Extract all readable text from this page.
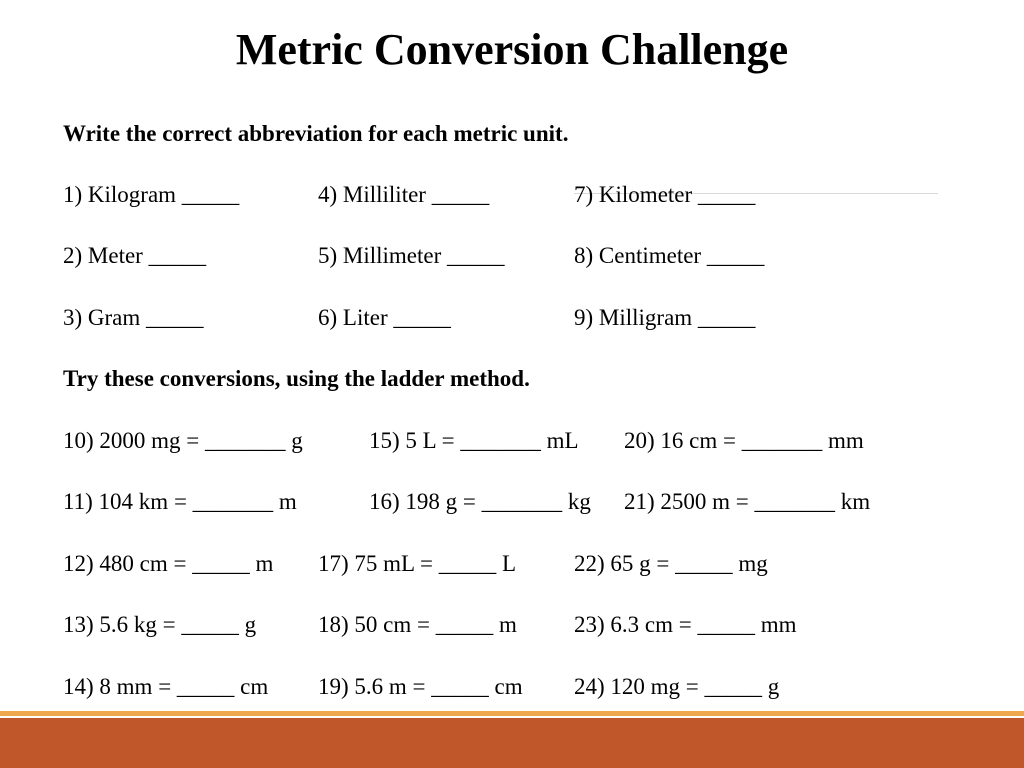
Metric Conversion Challenge
Write the correct abbreviation for each metric unit.
1) Kilogram _____	4) Milliliter _____	7) Kilometer _____
2) Meter _____	5) Millimeter _____	8) Centimeter _____
3) Gram _____	6) Liter _____	9) Milligram _____
Try these conversions, using the ladder method.
10) 2000 mg = _______ g	15) 5 L = _______ mL 20) 16 cm = _______ mm
11) 104 km = _______ m	16) 198 g = _______ kg 21) 2500 m = _______ km
12) 480 cm = _____ m 17) 75 mL = _____ L	22) 65 g = _____ mg
13) 5.6 kg = _____ g	18) 50 cm = _____ m 23) 6.3 cm = _____ mm
14) 8 mm = _____ cm 19) 5.6 m = _____ cm 24) 120 mg = _____ g
